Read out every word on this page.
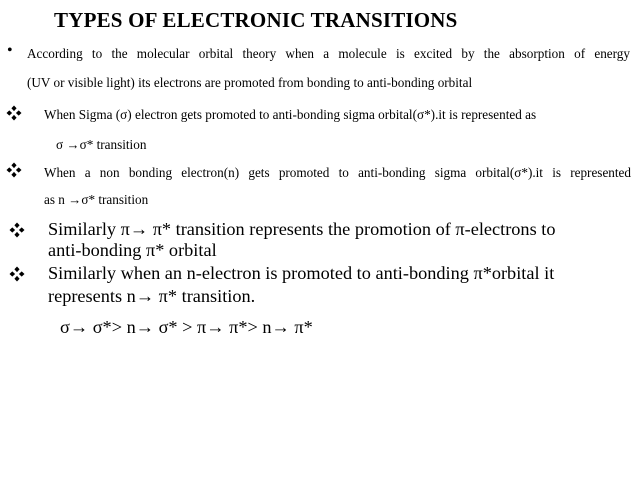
TYPES OF ELECTRONIC TRANSITIONS
• According to the molecular orbital theory when a molecule is excited by the absorption of energy
(UV or visible light) its electrons are promoted from bonding to anti-bonding orbital
When Sigma (σ) electron gets promoted to anti-bonding sigma orbital(σ*).it is represented as
σ →σ* transition
When a non bonding electron(n) gets promoted to anti-bonding sigma orbital(σ*).it is represented
as n →σ* transition
Similarly π→ π* transition represents the promotion of π-electrons to
anti-bonding π* orbital
Similarly when an n-electron is promoted to anti-bonding π*orbital it
represents n→ π* transition.
σ→ σ*> n→ σ* > π→ π*> n→ π*
